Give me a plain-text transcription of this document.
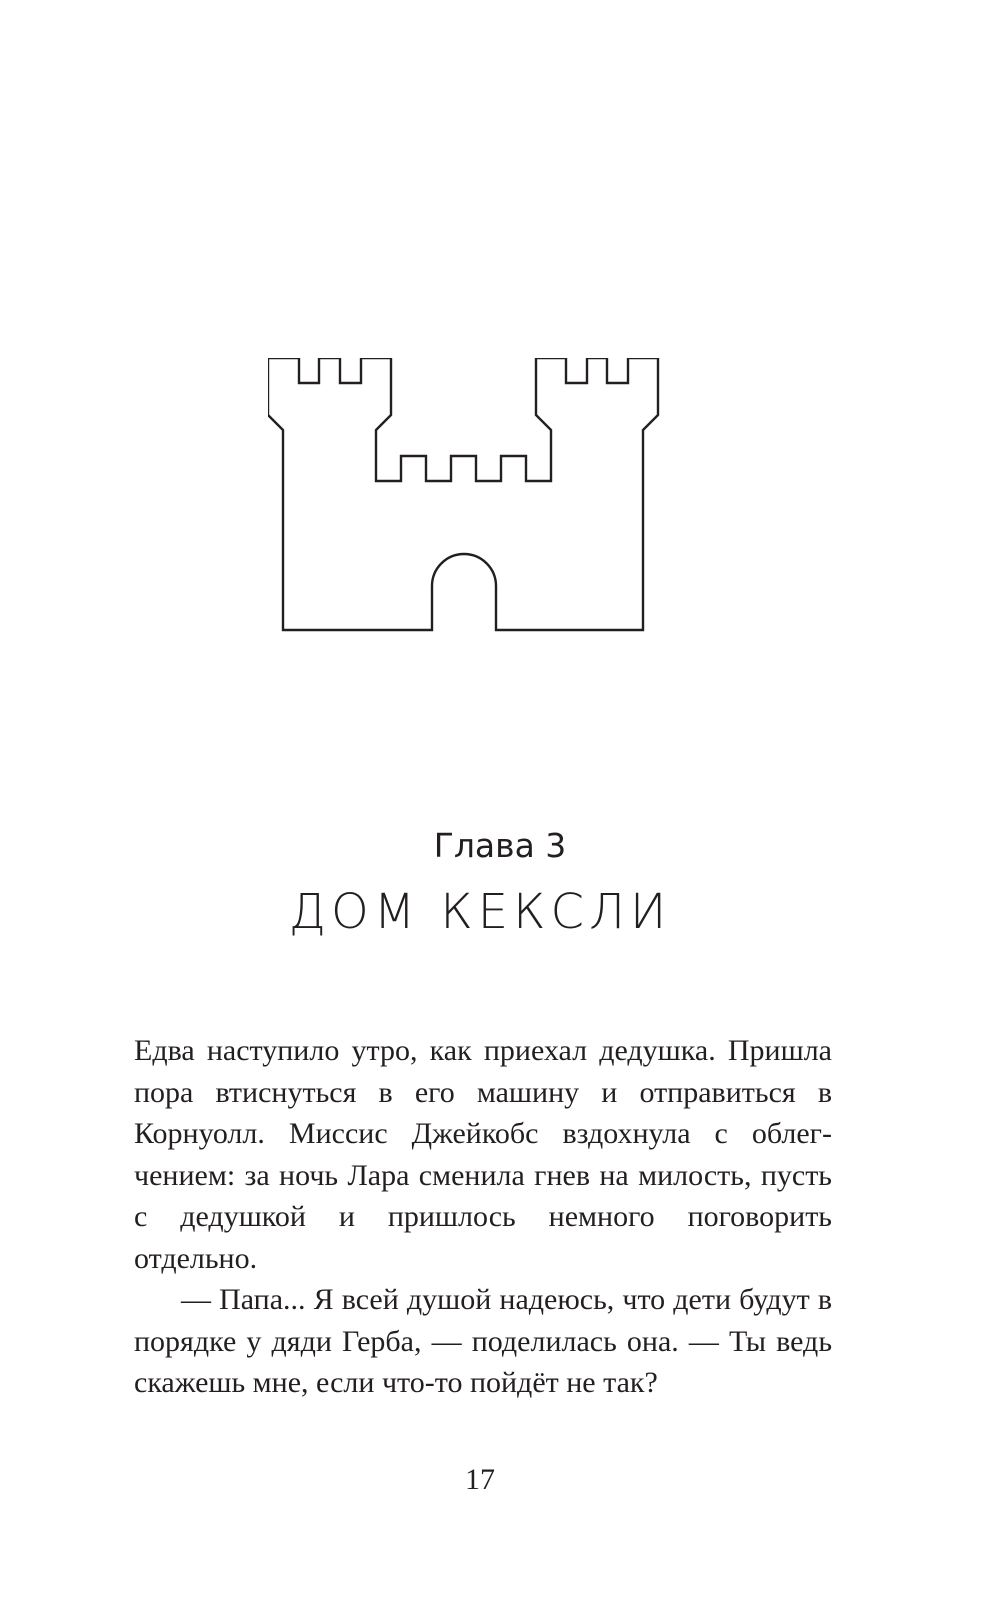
Глава 3
ДОМ КЕКСЛИ

Едва наступило утро, как приехал дедушка. Пришла пора втиснуться в его машину и отправиться в Корнуолл. Миссис Джейкобс вздохнула с облегчением: за ночь Лара сменила гнев на милость, пусть с дедушкой и пришлось немного поговорить отдельно.

— Папа... Я всей душой надеюсь, что дети будут в порядке у дяди Герба, — поделилась она. — Ты ведь скажешь мне, если что-то пойдёт не так?

17
